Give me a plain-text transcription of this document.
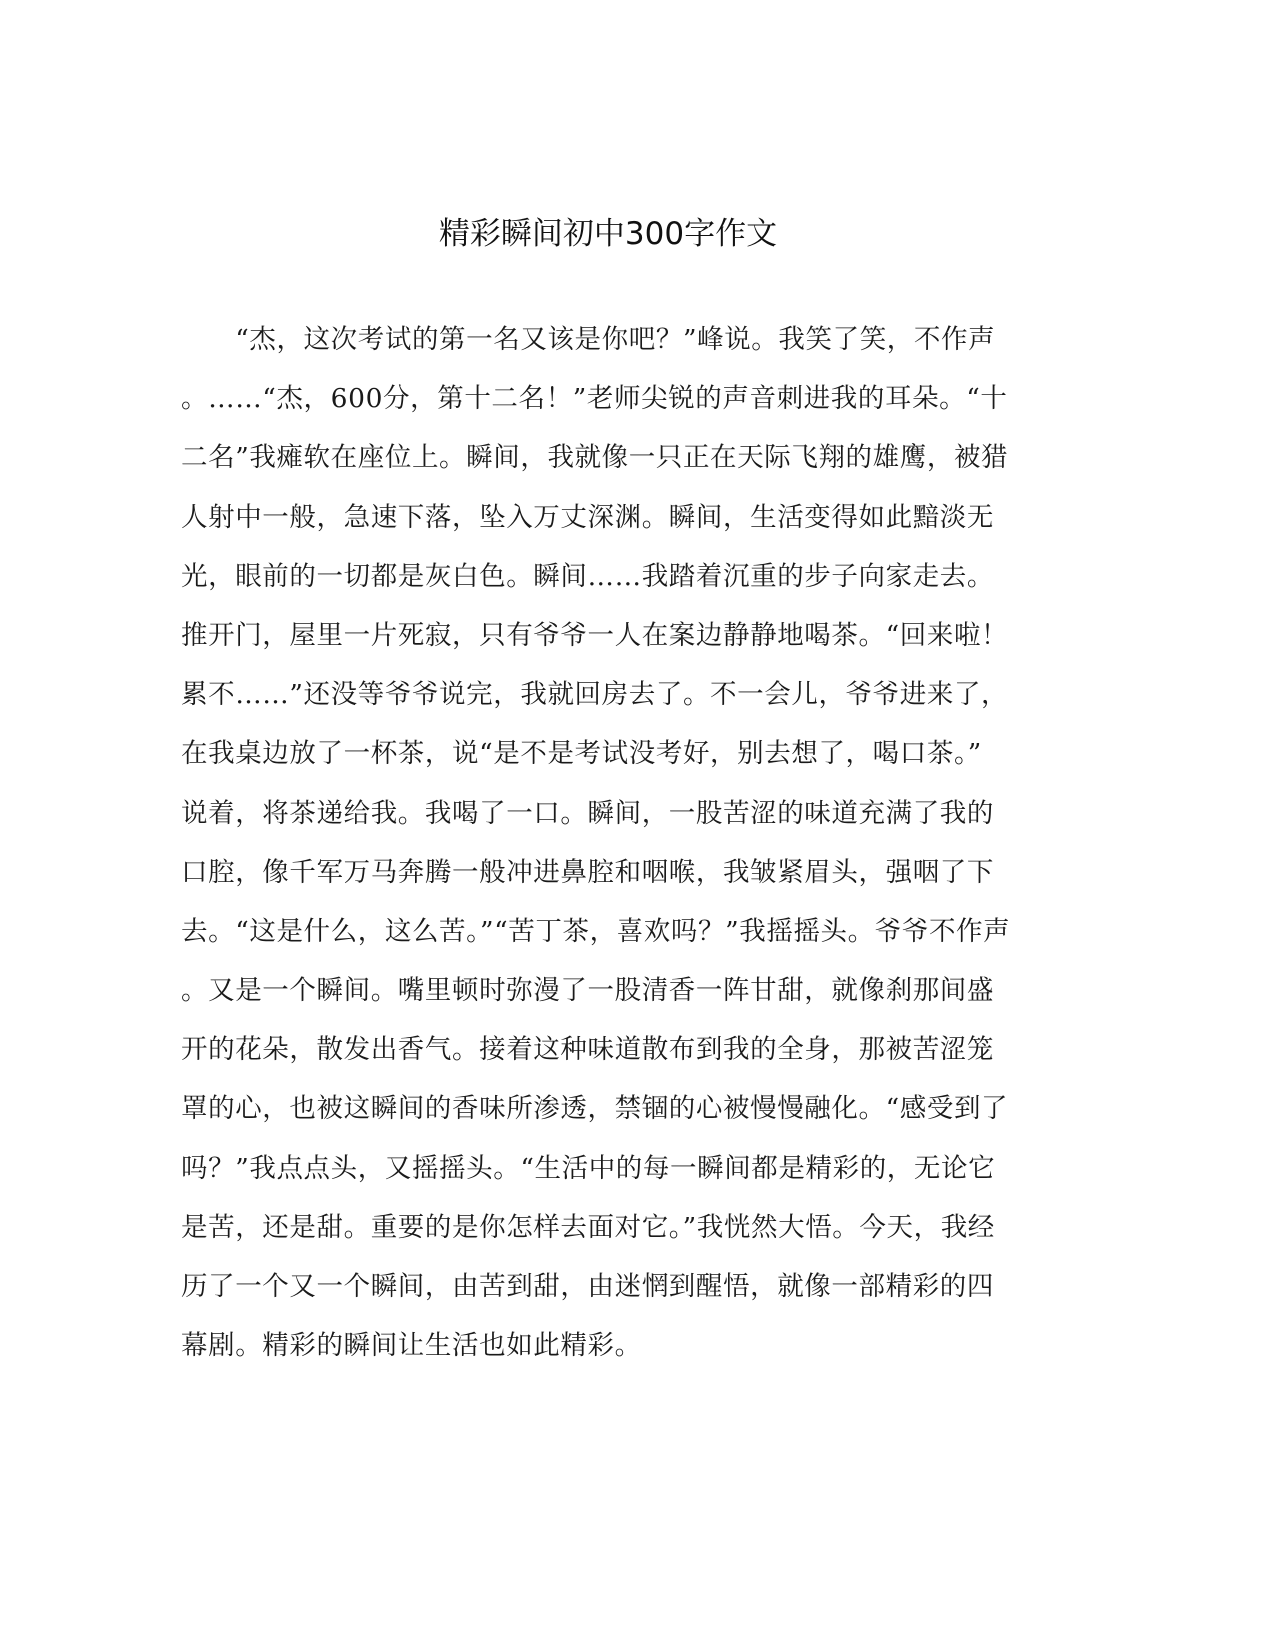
精彩瞬间初中300字作文
　　“杰，这次考试的第一名又该是你吧？”峰说。我笑了笑，不作声
。……“杰，600分，第十二名！”老师尖锐的声音刺进我的耳朵。“十
二名”我瘫软在座位上。瞬间，我就像一只正在天际飞翔的雄鹰，被猎
人射中一般，急速下落，坠入万丈深渊。瞬间，生活变得如此黯淡无
光，眼前的一切都是灰白色。瞬间……我踏着沉重的步子向家走去。
推开门，屋里一片死寂，只有爷爷一人在案边静静地喝茶。“回来啦！
累不……”还没等爷爷说完，我就回房去了。不一会儿，爷爷进来了，
在我桌边放了一杯茶，说“是不是考试没考好，别去想了，喝口茶。”
说着，将茶递给我。我喝了一口。瞬间，一股苦涩的味道充满了我的
口腔，像千军万马奔腾一般冲进鼻腔和咽喉，我皱紧眉头，强咽了下
去。“这是什么，这么苦。”“苦丁茶，喜欢吗？”我摇摇头。爷爷不作声
。又是一个瞬间。嘴里顿时弥漫了一股清香一阵甘甜，就像刹那间盛
开的花朵，散发出香气。接着这种味道散布到我的全身，那被苦涩笼
罩的心，也被这瞬间的香味所渗透，禁锢的心被慢慢融化。“感受到了
吗？”我点点头，又摇摇头。“生活中的每一瞬间都是精彩的，无论它
是苦，还是甜。重要的是你怎样去面对它。”我恍然大悟。今天，我经
历了一个又一个瞬间，由苦到甜，由迷惘到醒悟，就像一部精彩的四
幕剧。精彩的瞬间让生活也如此精彩。
